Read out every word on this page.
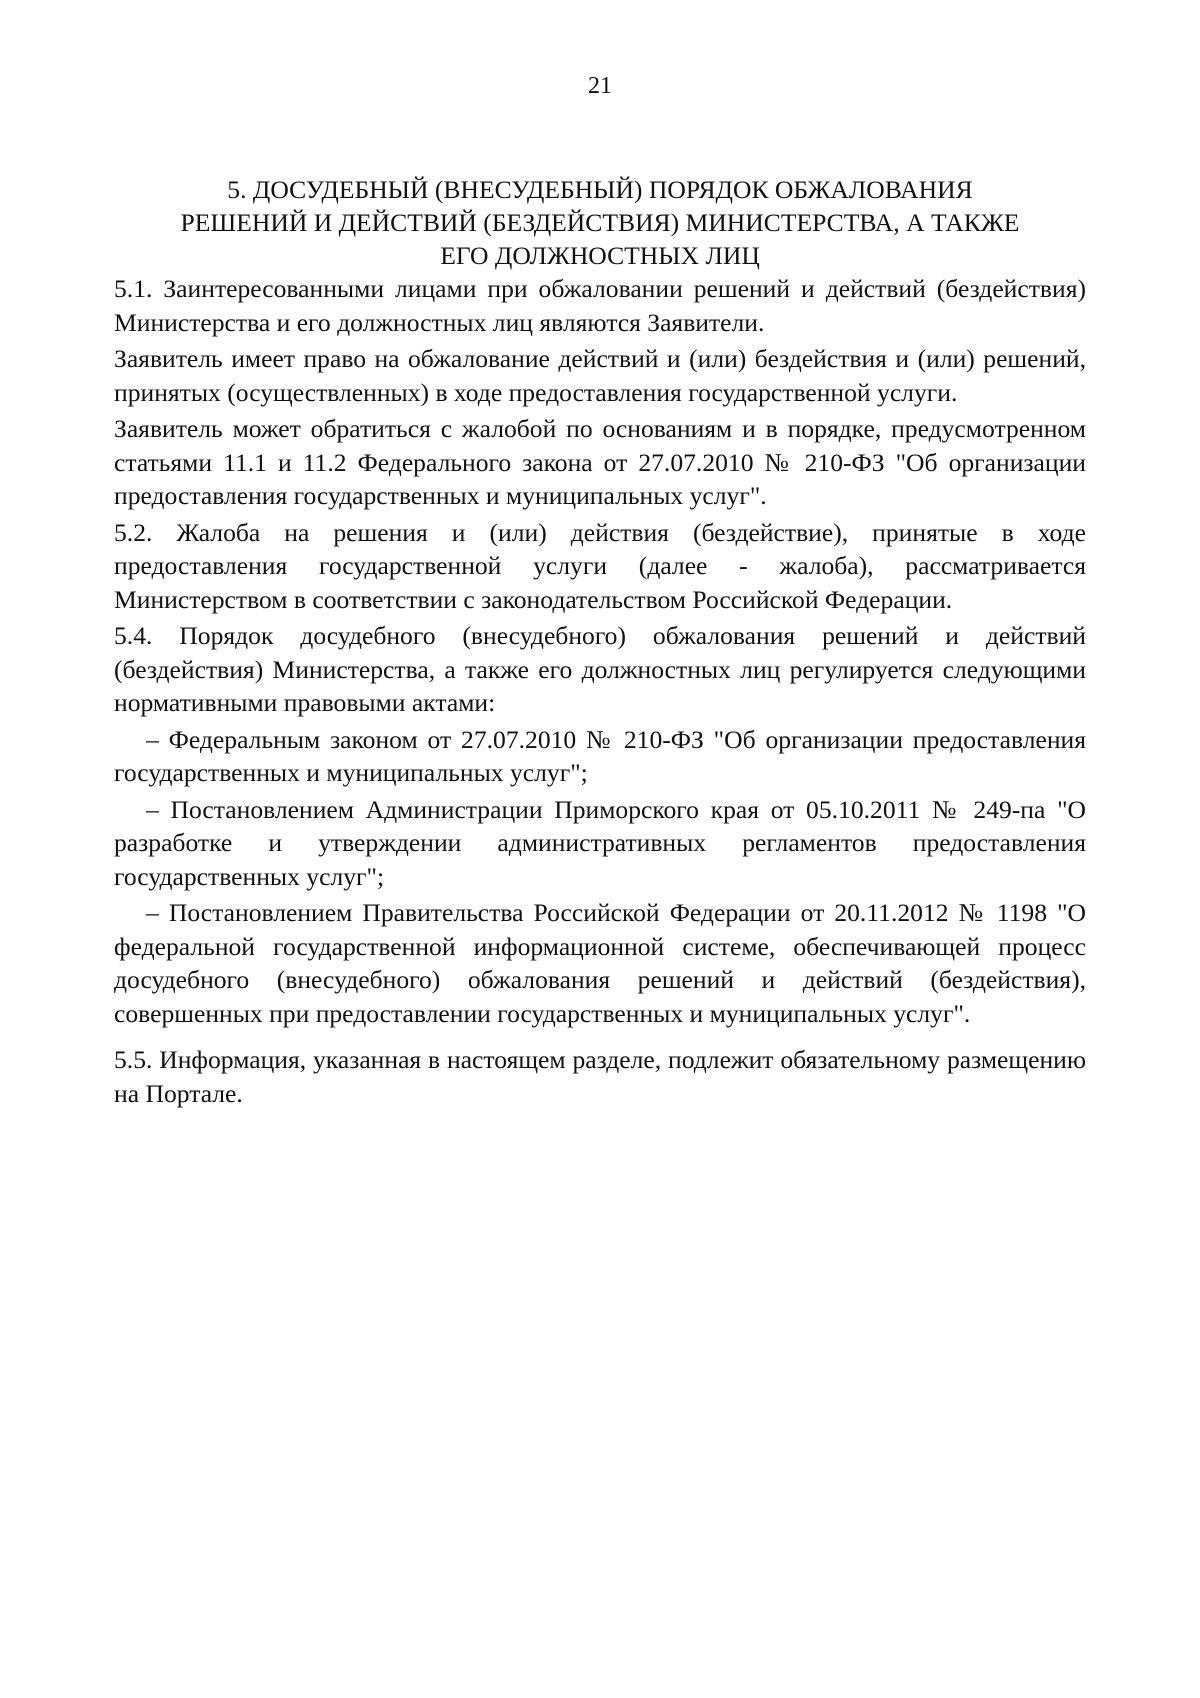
21
5. ДОСУДЕБНЫЙ (ВНЕСУДЕБНЫЙ) ПОРЯДОК ОБЖАЛОВАНИЯ
РЕШЕНИЙ И ДЕЙСТВИЙ (БЕЗДЕЙСТВИЯ) МИНИСТЕРСТВА, А ТАКЖЕ
ЕГО ДОЛЖНОСТНЫХ ЛИЦ

5.1. Заинтересованными лицами при обжаловании решений и действий (бездействия) Министерства и его должностных лиц являются Заявители.

Заявитель имеет право на обжалование действий и (или) бездействия и (или) решений, принятых (осуществленных) в ходе предоставления государственной услуги.

Заявитель может обратиться с жалобой по основаниям и в порядке, предусмотренном статьями 11.1 и 11.2 Федерального закона от 27.07.2010 № 210-ФЗ "Об организации предоставления государственных и муниципальных услуг".

5.2. Жалоба на решения и (или) действия (бездействие), принятые в ходе предоставления государственной услуги (далее - жалоба), рассматривается Министерством в соответствии с законодательством Российской Федерации.

5.4. Порядок досудебного (внесудебного) обжалования решений и действий (бездействия) Министерства, а также его должностных лиц регулируется следующими нормативными правовыми актами:

– Федеральным законом от 27.07.2010 № 210-ФЗ "Об организации предоставления государственных и муниципальных услуг";

– Постановлением Администрации Приморского края от 05.10.2011 № 249-па "О разработке и утверждении административных регламентов предоставления государственных услуг";

– Постановлением Правительства Российской Федерации от 20.11.2012 № 1198 "О федеральной государственной информационной системе, обеспечивающей процесс досудебного (внесудебного) обжалования решений и действий (бездействия), совершенных при предоставлении государственных и муниципальных услуг".

5.5. Информация, указанная в настоящем разделе, подлежит обязательному размещению на Портале.
